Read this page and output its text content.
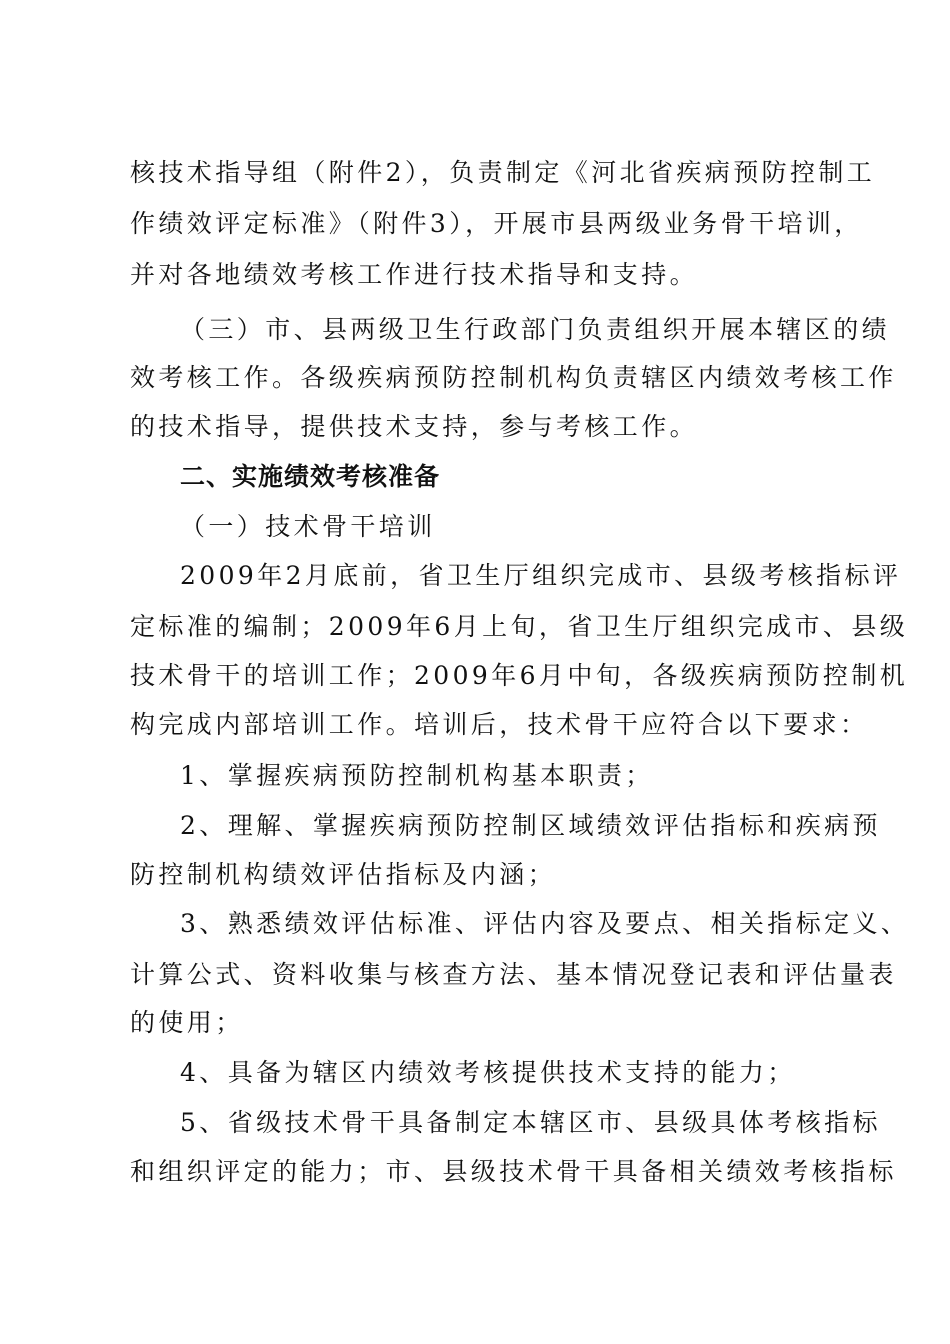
核技术指导组（附件2），负责制定《河北省疾病预防控制工
作绩效评定标准》（附件3），开展市县两级业务骨干培训，
并对各地绩效考核工作进行技术指导和支持。
（三）市、县两级卫生行政部门负责组织开展本辖区的绩
效考核工作。各级疾病预防控制机构负责辖区内绩效考核工作
的技术指导，提供技术支持，参与考核工作。
二、实施绩效考核准备
（一）技术骨干培训
2009年2月底前，省卫生厅组织完成市、县级考核指标评
定标准的编制；2009年6月上旬，省卫生厅组织完成市、县级
技术骨干的培训工作；2009年6月中旬，各级疾病预防控制机
构完成内部培训工作。培训后，技术骨干应符合以下要求：
1、掌握疾病预防控制机构基本职责；
2、理解、掌握疾病预防控制区域绩效评估指标和疾病预
防控制机构绩效评估指标及内涵；
3、熟悉绩效评估标准、评估内容及要点、相关指标定义、
计算公式、资料收集与核查方法、基本情况登记表和评估量表
的使用；
4、具备为辖区内绩效考核提供技术支持的能力；
5、省级技术骨干具备制定本辖区市、县级具体考核指标
和组织评定的能力；市、县级技术骨干具备相关绩效考核指标
